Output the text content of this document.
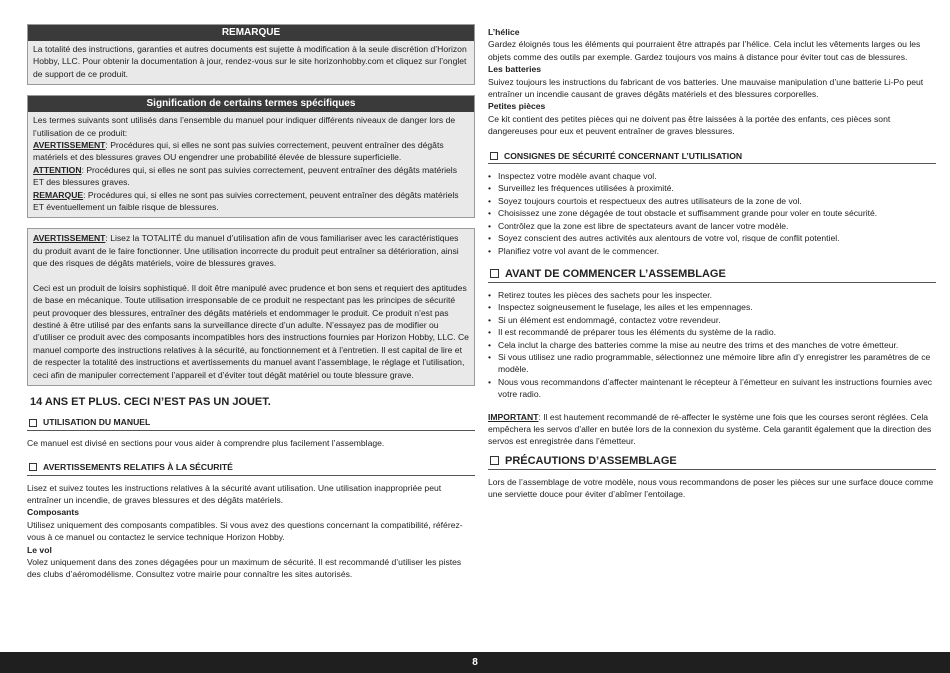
REMARQUE

La totalité des instructions, garanties et autres documents est sujette à modification à la seule discrétion d’Horizon Hobby, LLC. Pour obtenir la documentation à jour, rendez-vous sur le site horizonhobby.com et cliquez sur l’onglet de support de ce produit.

Signification de certains termes spécifiques

Les termes suivants sont utilisés dans l’ensemble du manuel pour indiquer différents niveaux de danger lors de l’utilisation de ce produit:

AVERTISSEMENT: Procédures qui, si elles ne sont pas suivies correctement, peuvent entraîner des dégâts matériels et des blessures graves OU engendrer une probabilité élevée de blessure superficielle.

ATTENTION: Procédures qui, si elles ne sont pas suivies correctement, peuvent entraîner des dégâts matériels ET des blessures graves.

REMARQUE: Procédures qui, si elles ne sont pas suivies correctement, peuvent entraîner des dégâts matériels ET éventuellement un faible risque de blessures.

AVERTISSEMENT: Lisez la TOTALITÉ du manuel d’utilisation afin de vous familiariser avec les caractéristiques du produit avant de le faire fonctionner. Une utilisation incorrecte du produit peut entraîner sa détérioration, ainsi que des risques de dégâts matériels, voire de blessures graves.

Ceci est un produit de loisirs sophistiqué. Il doit être manipulé avec prudence et bon sens et requiert des aptitudes de base en mécanique. Toute utilisation irresponsable de ce produit ne respectant pas les principes de sécurité peut provoquer des blessures, entraîner des dégâts matériels et endommager le produit. Ce produit n’est pas destiné à être utilisé par des enfants sans la surveillance directe d’un adulte. N’essayez pas de modifier ou d’utiliser ce produit avec des composants incompatibles hors des instructions fournies par Horizon Hobby, LLC. Ce manuel comporte des instructions relatives à la sécurité, au fonctionnement et à l’entretien. Il est capital de lire et de respecter la totalité des instructions et avertissements du manuel avant l’assemblage, le réglage et l’utilisation, ceci afin de manipuler correctement l’appareil et d’éviter tout dégât matériel ou toute blessure grave.

14 ANS ET PLUS. CECI N’EST PAS UN JOUET.
UTILISATION DU MANUEL

Ce manuel est divisé en sections pour vous aider à comprendre plus facilement l’assemblage.

AVERTISSEMENTS RELATIFS À LA SÉCURITÉ

Lisez et suivez toutes les instructions relatives à la sécurité avant utilisation. Une utilisation inappropriée peut entraîner un incendie, de graves blessures et des dégâts matériels.

Composants

Utilisez uniquement des composants compatibles. Si vous avez des questions concernant la compatibilité, référez-vous à ce manuel ou contactez le service technique Horizon Hobby.

Le vol

Volez uniquement dans des zones dégagées pour un maximum de sécurité. Il est recommandé d’utiliser les pistes des clubs d’aéromodélisme. Consultez votre mairie pour connaître les sites autorisés.

L’hélice

Gardez éloignés tous les éléments qui pourraient être attrapés par l’hélice. Cela inclut les vêtements larges ou les objets comme des outils par exemple. Gardez toujours vos mains à distance pour éviter tout cas de blessures.

Les batteries

Suivez toujours les instructions du fabricant de vos batteries. Une mauvaise manipulation d’une batterie Li-Po peut entraîner un incendie causant de graves dégâts matériels et des blessures corporelles.

Petites pièces

Ce kit contient des petites pièces qui ne doivent pas être laissées à la portée des enfants, ces pièces sont dangereuses pour eux et peuvent entraîner de graves blessures.

CONSIGNES DE SÉCURITÉ CONCERNANT L’UTILISATION
• Inspectez votre modèle avant chaque vol.
• Surveillez les fréquences utilisées à proximité.
• Soyez toujours courtois et respectueux des autres utilisateurs de la zone de vol.
• Choisissez une zone dégagée de tout obstacle et suffisamment grande pour voler en toute sécurité.
• Contrôlez que la zone est libre de spectateurs avant de lancer votre modèle.
• Soyez conscient des autres activités aux alentours de votre vol, risque de conflit potentiel.
• Planifiez votre vol avant de le commencer.
AVANT DE COMMENCER L’ASSEMBLAGE
• Retirez toutes les pièces des sachets pour les inspecter.
• Inspectez soigneusement le fuselage, les ailes et les empennages.
• Si un élément est endommagé, contactez votre revendeur.
• Il est recommandé de préparer tous les éléments du système de la radio.
• Cela inclut la charge des batteries comme la mise au neutre des trims et des manches de votre émetteur.
• Si vous utilisez une radio programmable, sélectionnez une mémoire libre afin d’y enregistrer les paramètres de ce modèle.
• Nous vous recommandons d’affecter maintenant le récepteur à l’émetteur en suivant les instructions fournies avec votre radio.

IMPORTANT: Il est hautement recommandé de ré-affecter le système une fois que les courses seront réglées. Cela empêchera les servos d’aller en butée lors de la connexion du système. Cela garantit également que la direction des servos est enregistrée dans l’émetteur.

PRÉCAUTIONS D’ASSEMBLAGE

Lors de l’assemblage de votre modèle, nous vous recommandons de poser les pièces sur une surface douce comme une serviette douce pour éviter d’abîmer l’entoilage.

8
